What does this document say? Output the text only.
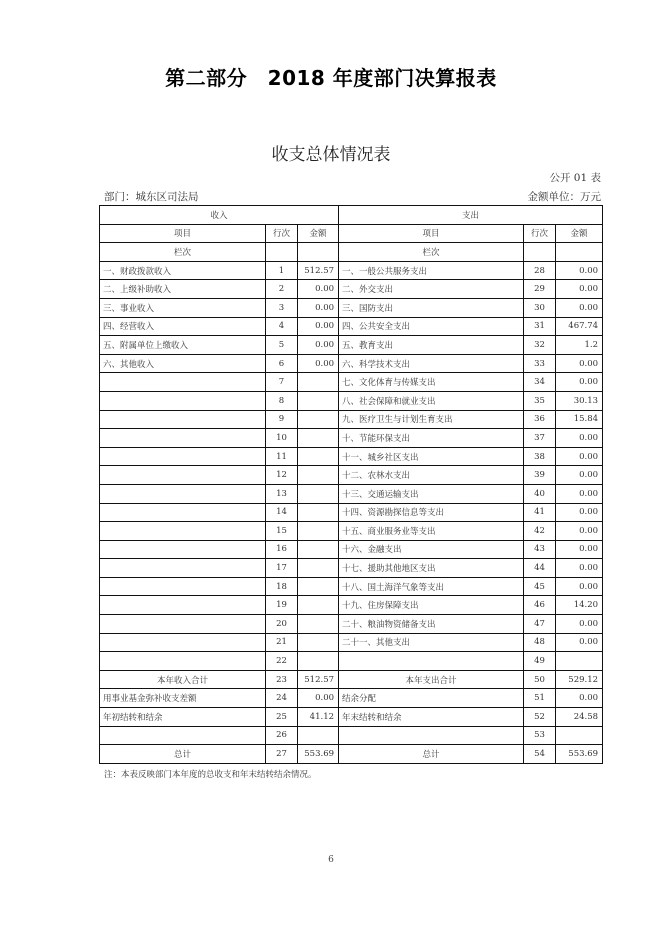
第二部分　2018 年度部门决算报表
收支总体情况表
公开 01 表
部门：城东区司法局	金额单位：万元
收入			支出		
项目	行次	金额	项目	行次	金额
栏次			栏次		
一、财政拨款收入	1	512.57	一、一般公共服务支出	28	0.00
二、上级补助收入	2	0.00	二、外交支出	29	0.00
三、事业收入	3	0.00	三、国防支出	30	0.00
四、经营收入	4	0.00	四、公共安全支出	31	467.74
五、附属单位上缴收入	5	0.00	五、教育支出	32	1.2
六、其他收入	6	0.00	六、科学技术支出	33	0.00
	7		七、文化体育与传媒支出	34	0.00
	8		八、社会保障和就业支出	35	30.13
	9		九、医疗卫生与计划生育支出	36	15.84
	10		十、节能环保支出	37	0.00
	11		十一、城乡社区支出	38	0.00
	12		十二、农林水支出	39	0.00
	13		十三、交通运输支出	40	0.00
	14		十四、资源勘探信息等支出	41	0.00
	15		十五、商业服务业等支出	42	0.00
	16		十六、金融支出	43	0.00
	17		十七、援助其他地区支出	44	0.00
	18		十八、国土海洋气象等支出	45	0.00
	19		十九、住房保障支出	46	14.20
	20		二十、粮油物资储备支出	47	0.00
	21		二十一、其他支出	48	0.00
	22			49	
本年收入合计	23	512.57	本年支出合计	50	529.12
用事业基金弥补收支差额	24	0.00	结余分配	51	0.00
年初结转和结余	25	41.12	年末结转和结余	52	24.58
	26			53	
总计	27	553.69	总计	54	553.69
注：本表反映部门本年度的总收支和年末结转结余情况。
6
